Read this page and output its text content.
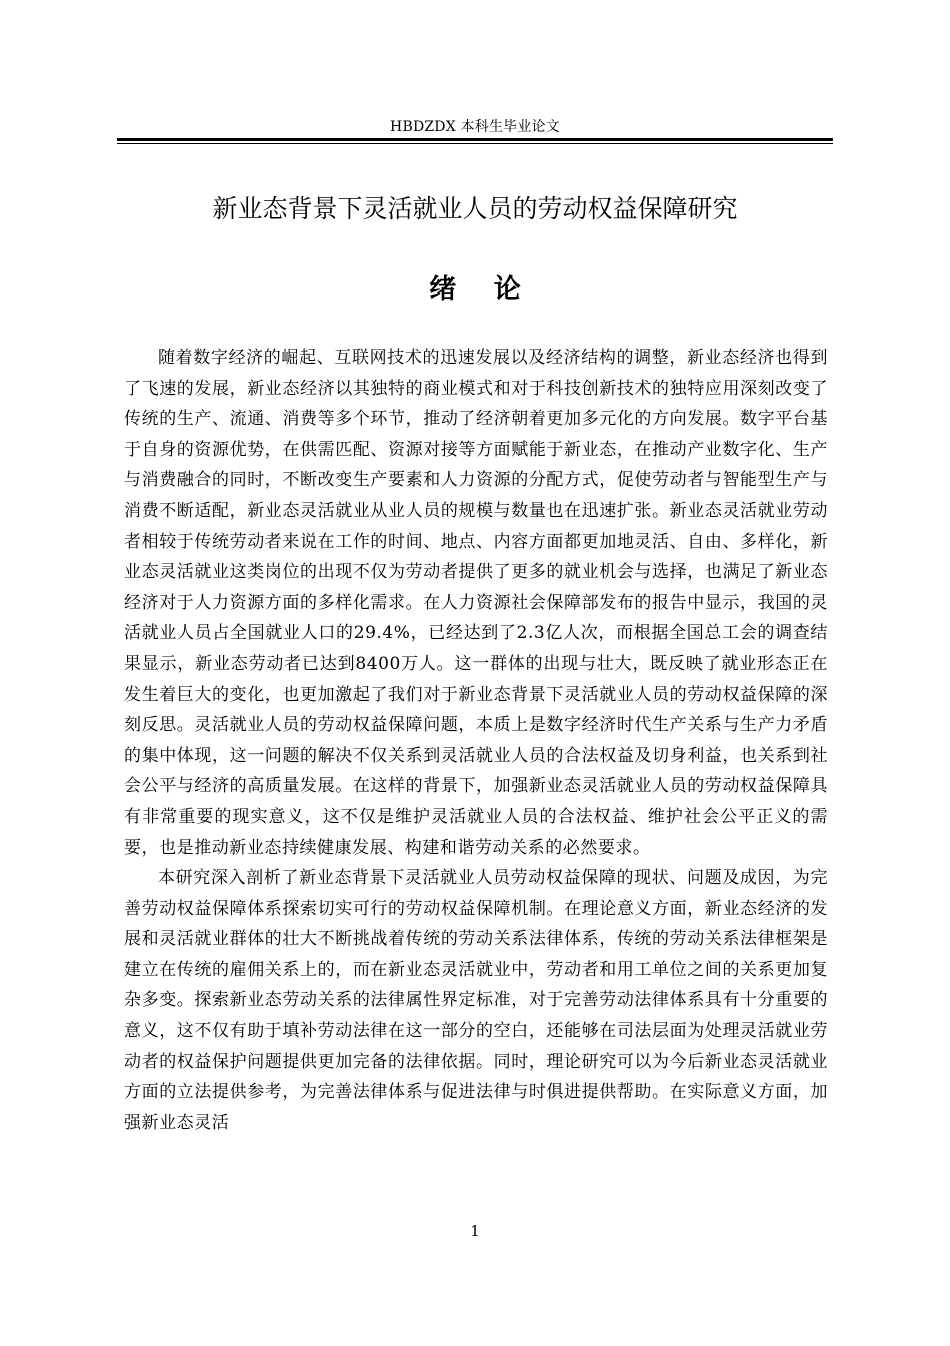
HBDZDX 本科生毕业论文
新业态背景下灵活就业人员的劳动权益保障研究
绪 论

随着数字经济的崛起、互联网技术的迅速发展以及经济结构的调整，新业态经济也得到了飞速的发展，新业态经济以其独特的商业模式和对于科技创新技术的独特应用深刻改变了传统的生产、流通、消费等多个环节，推动了经济朝着更加多元化的方向发展。数字平台基于自身的资源优势，在供需匹配、资源对接等方面赋能于新业态，在推动产业数字化、生产与消费融合的同时，不断改变生产要素和人力资源的分配方式，促使劳动者与智能型生产与消费不断适配，新业态灵活就业从业人员的规模与数量也在迅速扩张。新业态灵活就业劳动者相较于传统劳动者来说在工作的时间、地点、内容方面都更加地灵活、自由、多样化，新业态灵活就业这类岗位的出现不仅为劳动者提供了更多的就业机会与选择，也满足了新业态经济对于人力资源方面的多样化需求。在人力资源社会保障部发布的报告中显示，我国的灵活就业人员占全国就业人口的29.4%，已经达到了2.3亿人次，而根据全国总工会的调查结果显示，新业态劳动者已达到8400万人。这一群体的出现与壮大，既反映了就业形态正在发生着巨大的变化，也更加激起了我们对于新业态背景下灵活就业人员的劳动权益保障的深刻反思。灵活就业人员的劳动权益保障问题，本质上是数字经济时代生产关系与生产力矛盾的集中体现，这一问题的解决不仅关系到灵活就业人员的合法权益及切身利益，也关系到社会公平与经济的高质量发展。在这样的背景下，加强新业态灵活就业人员的劳动权益保障具有非常重要的现实意义，这不仅是维护灵活就业人员的合法权益、维护社会公平正义的需要，也是推动新业态持续健康发展、构建和谐劳动关系的必然要求。

本研究深入剖析了新业态背景下灵活就业人员劳动权益保障的现状、问题及成因，为完善劳动权益保障体系探索切实可行的劳动权益保障机制。在理论意义方面，新业态经济的发展和灵活就业群体的壮大不断挑战着传统的劳动关系法律体系，传统的劳动关系法律框架是建立在传统的雇佣关系上的，而在新业态灵活就业中，劳动者和用工单位之间的关系更加复杂多变。探索新业态劳动关系的法律属性界定标准，对于完善劳动法律体系具有十分重要的意义，这不仅有助于填补劳动法律在这一部分的空白，还能够在司法层面为处理灵活就业劳动者的权益保护问题提供更加完备的法律依据。同时，理论研究可以为今后新业态灵活就业方面的立法提供参考，为完善法律体系与促进法律与时俱进提供帮助。在实际意义方面，加强新业态灵活

1
